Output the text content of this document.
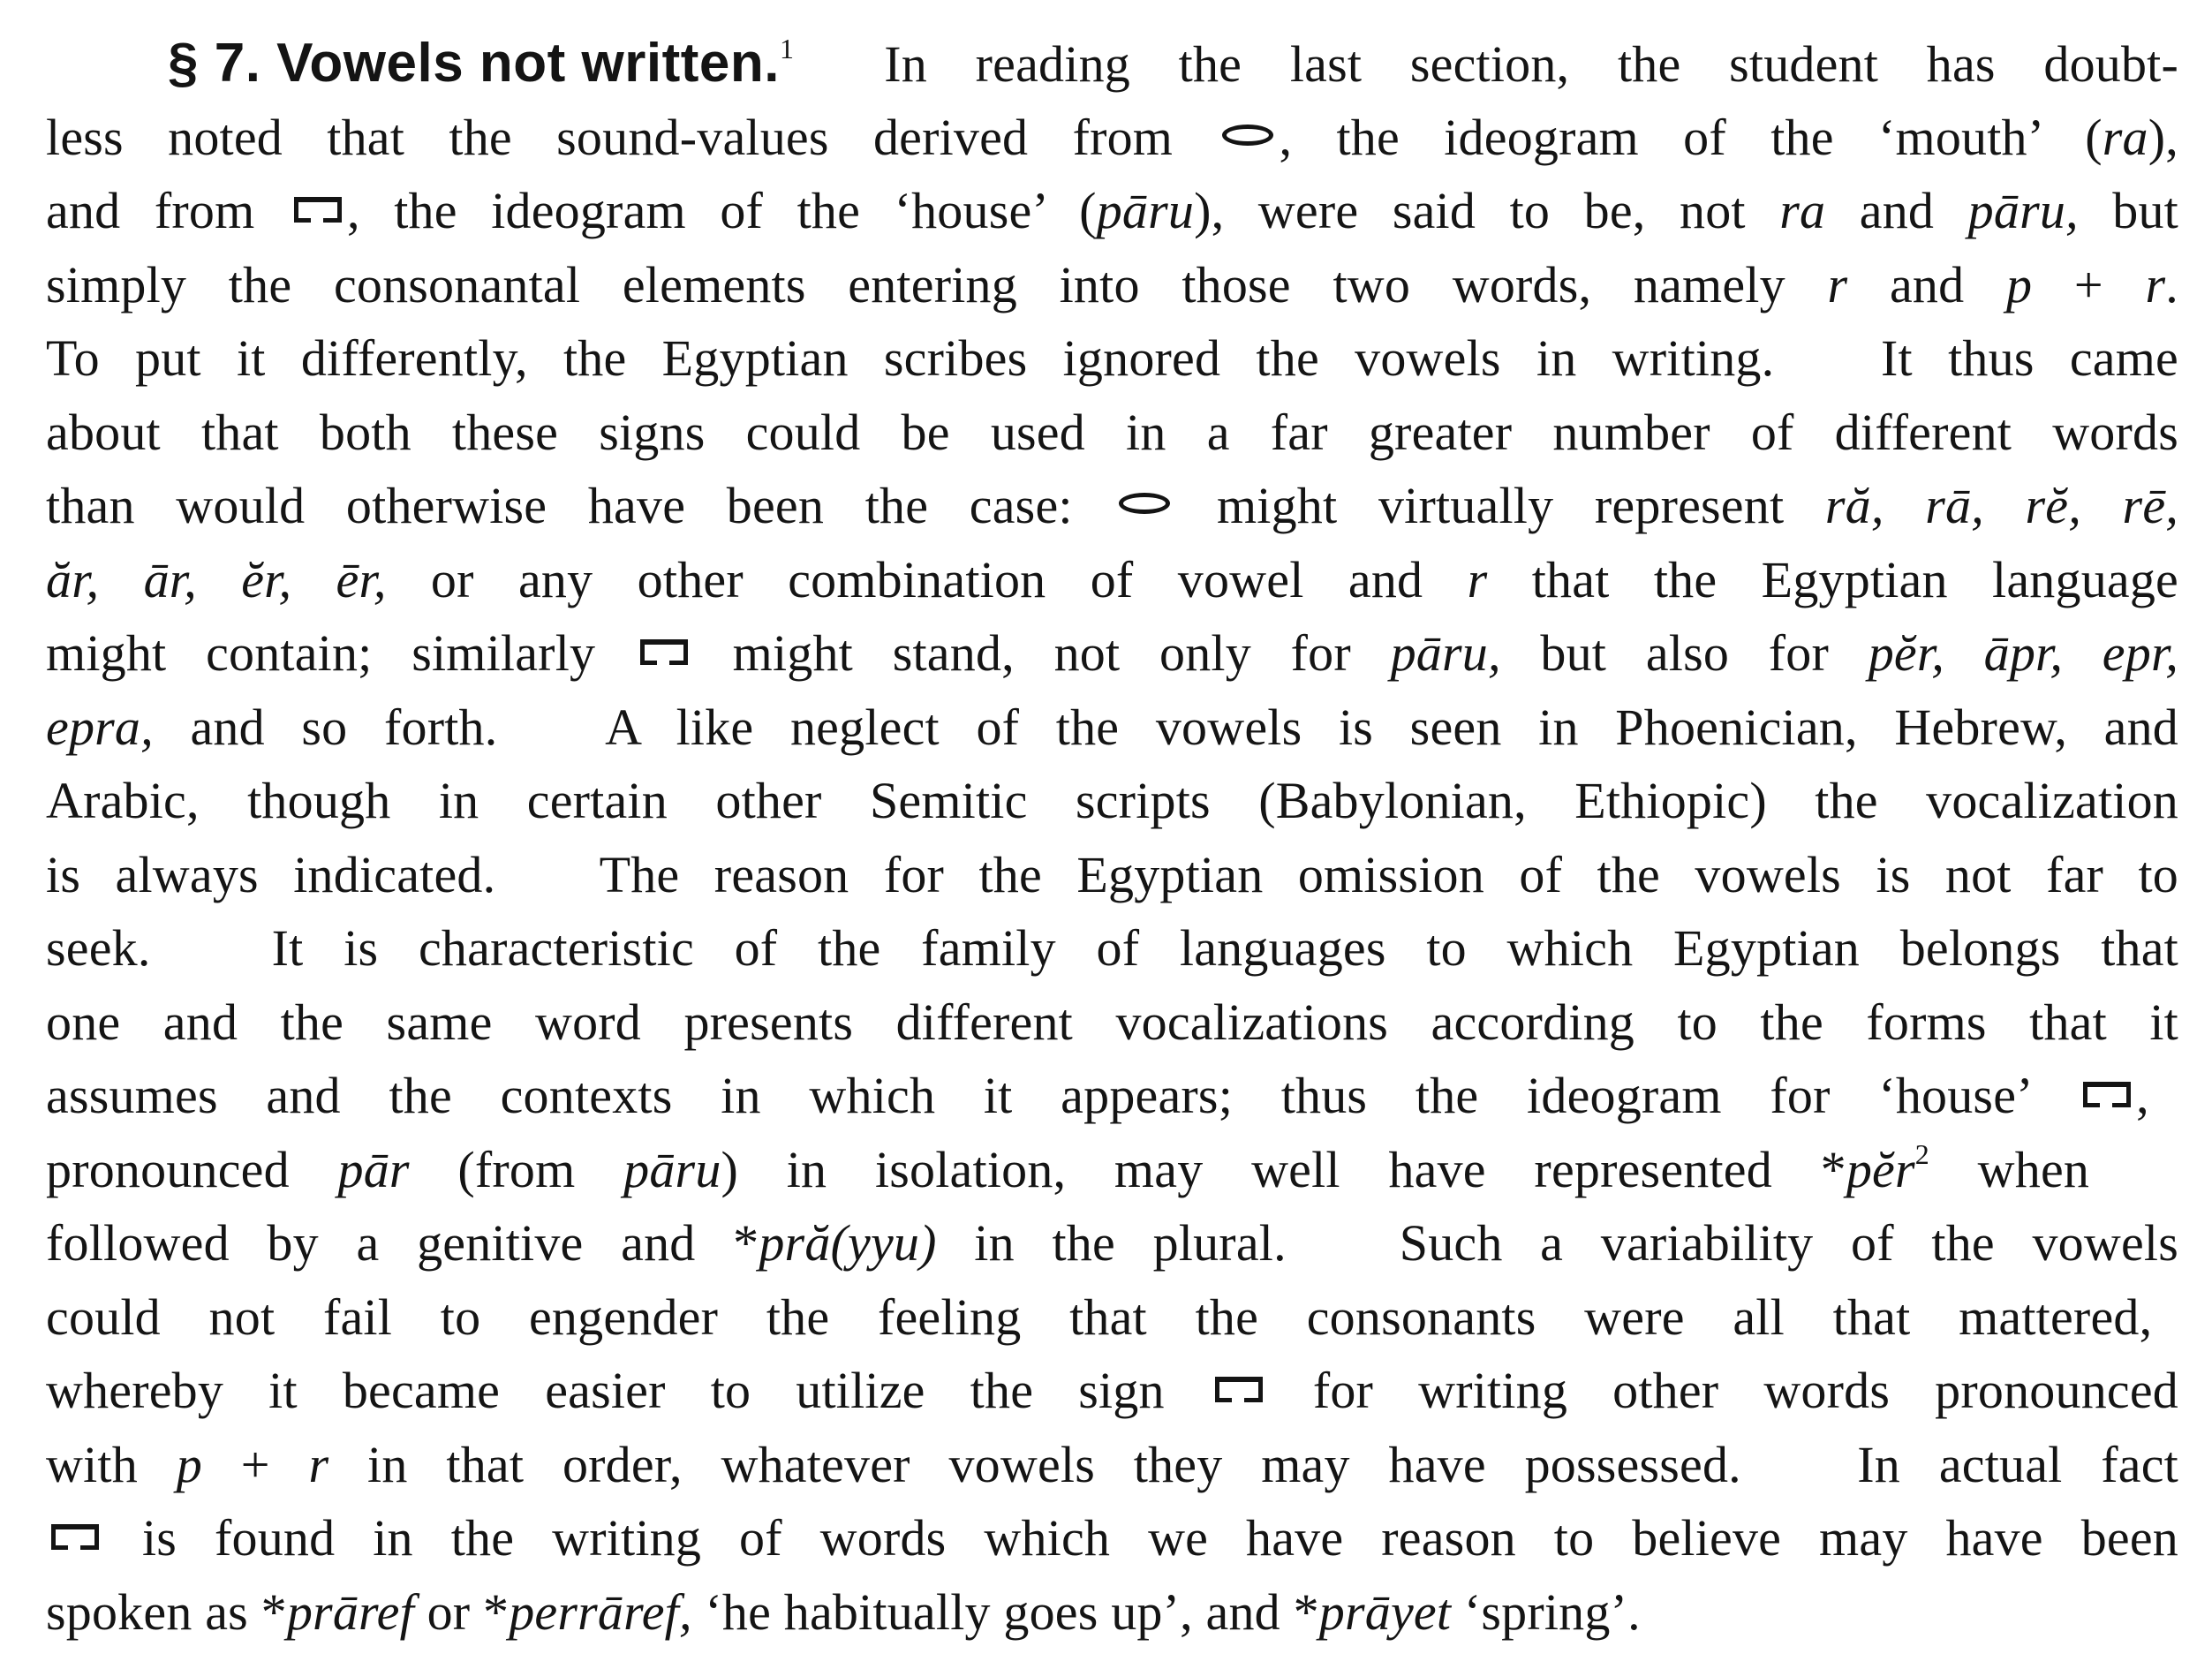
§ 7. Vowels not written.$^1$ In reading the last section, the student has doubt-
less noted that the sound-values derived from , the ideogram of the ‘mouth’ (ra),
and from , the ideogram of the ‘house’ (pāru), were said to be, not ra and pāru, but
simply the consonantal elements entering into those two words, namely r and p + r.
To put it differently, the Egyptian scribes ignored the vowels in writing.   It thus came
about that both these signs could be used in a far greater number of different words
than would otherwise have been the case:  might virtually represent ră, rā, rĕ, rē,
ăr, ār, ĕr, ēr, or any other combination of vowel and r that the Egyptian language
might contain; similarly  might stand, not only for pāru, but also for pĕr, āpr, epr,
epra, and so forth.   A like neglect of the vowels is seen in Phoenician, Hebrew, and
Arabic, though in certain other Semitic scripts (Babylonian, Ethiopic) the vocalization
is always indicated.   The reason for the Egyptian omission of the vowels is not far to
seek.   It is characteristic of the family of languages to which Egyptian belongs that
one and the same word presents different vocalizations according to the forms that it
assumes and the contexts in which it appears; thus the ideogram for ‘house’ ,
pronounced pār (from pāru) in isolation, may well have represented *pĕr$^2$ when
followed by a genitive and *pră(yyu) in the plural.   Such a variability of the vowels
could not fail to engender the feeling that the consonants were all that mattered,
whereby it became easier to utilize the sign  for writing other words pronounced
with p + r in that order, whatever vowels they may have possessed.   In actual fact
is found in the writing of words which we have reason to believe may have been
spoken as *prāref or *perrāref, ‘he habitually goes up’, and *prāyet ‘spring’.
